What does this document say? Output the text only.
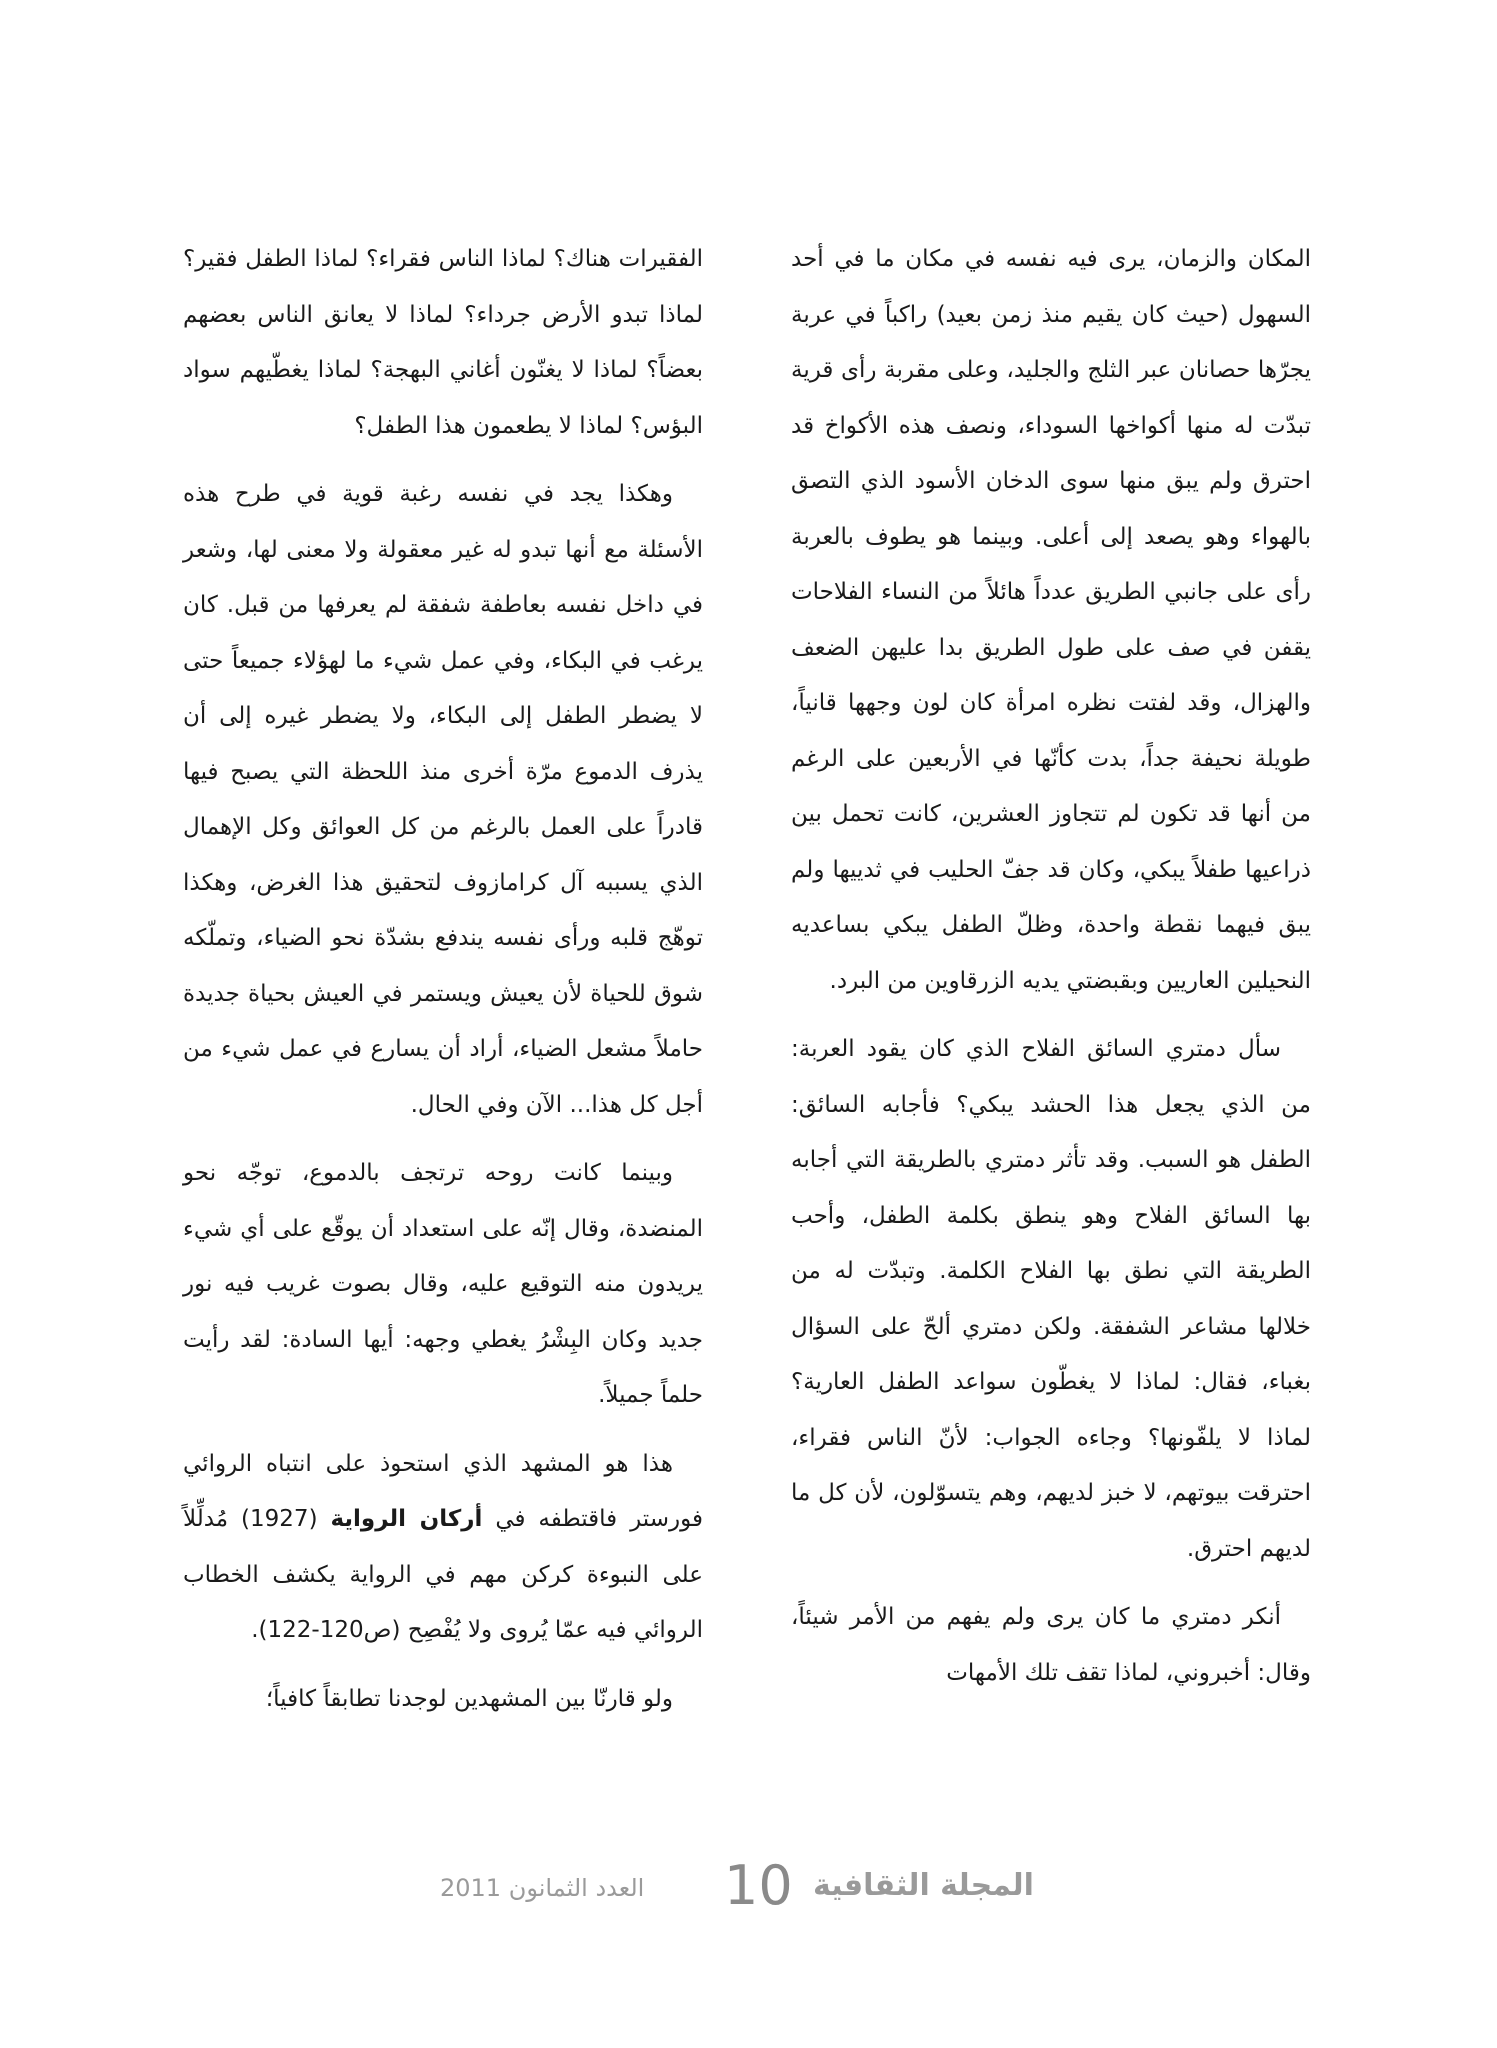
المكان والزمان، يرى فيه نفسه في مكان ما في أحد السهول (حيث كان يقيم منذ زمن بعيد) راكباً في عربة يجرّها حصانان عبر الثلج والجليد، وعلى مقربة رأى قرية تبدّت له منها أكواخها السوداء، ونصف هذه الأكواخ قد احترق ولم يبق منها سوى الدخان الأسود الذي التصق بالهواء وهو يصعد إلى أعلى. وبينما هو يطوف بالعربة رأى على جانبي الطريق عدداً هائلاً من النساء الفلاحات يقفن في صف على طول الطريق بدا عليهن الضعف والهزال، وقد لفتت نظره امرأة كان لون وجهها قانياً، طويلة نحيفة جداً، بدت كأنّها في الأربعين على الرغم من أنها قد تكون لم تتجاوز العشرين، كانت تحمل بين ذراعيها طفلاً يبكي، وكان قد جفّ الحليب في ثدييها ولم يبق فيهما نقطة واحدة، وظلّ الطفل يبكي بساعديه النحيلين العاريين وبقبضتي يديه الزرقاوين من البرد.

سأل دمتري السائق الفلاح الذي كان يقود العربة: من الذي يجعل هذا الحشد يبكي؟ فأجابه السائق: الطفل هو السبب. وقد تأثر دمتري بالطريقة التي أجابه بها السائق الفلاح وهو ينطق بكلمة الطفل، وأحب الطريقة التي نطق بها الفلاح الكلمة. وتبدّت له من خلالها مشاعر الشفقة. ولكن دمتري ألحّ على السؤال بغباء، فقال: لماذا لا يغطّون سواعد الطفل العارية؟ لماذا لا يلفّونها؟ وجاءه الجواب: لأنّ الناس فقراء، احترقت بيوتهم، لا خبز لديهم، وهم يتسوّلون، لأن كل ما لديهم احترق.

أنكر دمتري ما كان يرى ولم يفهم من الأمر شيئاً، وقال: أخبروني، لماذا تقف تلك الأمهات

الفقيرات هناك؟ لماذا الناس فقراء؟ لماذا الطفل فقير؟ لماذا تبدو الأرض جرداء؟ لماذا لا يعانق الناس بعضهم بعضاً؟ لماذا لا يغنّون أغاني البهجة؟ لماذا يغطّيهم سواد البؤس؟ لماذا لا يطعمون هذا الطفل؟

وهكذا يجد في نفسه رغبة قوية في طرح هذه الأسئلة مع أنها تبدو له غير معقولة ولا معنى لها، وشعر في داخل نفسه بعاطفة شفقة لم يعرفها من قبل. كان يرغب في البكاء، وفي عمل شيء ما لهؤلاء جميعاً حتى لا يضطر الطفل إلى البكاء، ولا يضطر غيره إلى أن يذرف الدموع مرّة أخرى منذ اللحظة التي يصبح فيها قادراً على العمل بالرغم من كل العوائق وكل الإهمال الذي يسببه آل كرامازوف لتحقيق هذا الغرض، وهكذا توهّج قلبه ورأى نفسه يندفع بشدّة نحو الضياء، وتملّكه شوق للحياة لأن يعيش ويستمر في العيش بحياة جديدة حاملاً مشعل الضياء، أراد أن يسارع في عمل شيء من أجل كل هذا... الآن وفي الحال.

وبينما كانت روحه ترتجف بالدموع، توجّه نحو المنضدة، وقال إنّه على استعداد أن يوقّع على أي شيء يريدون منه التوقيع عليه، وقال بصوت غريب فيه نور جديد وكان البِشْرُ يغطي وجهه: أيها السادة: لقد رأيت حلماً جميلاً.

هذا هو المشهد الذي استحوذ على انتباه الروائي فورستر فاقتطفه في أركان الرواية (1927) مُدلِّلاً على النبوءة كركن مهم في الرواية يكشف الخطاب الروائي فيه عمّا يُروى ولا يُفْصِح (ص120-122).

ولو قارنّا بين المشهدين لوجدنا تطابقاً كافياً؛

المجلة الثقافية
10
العدد الثمانون 2011
